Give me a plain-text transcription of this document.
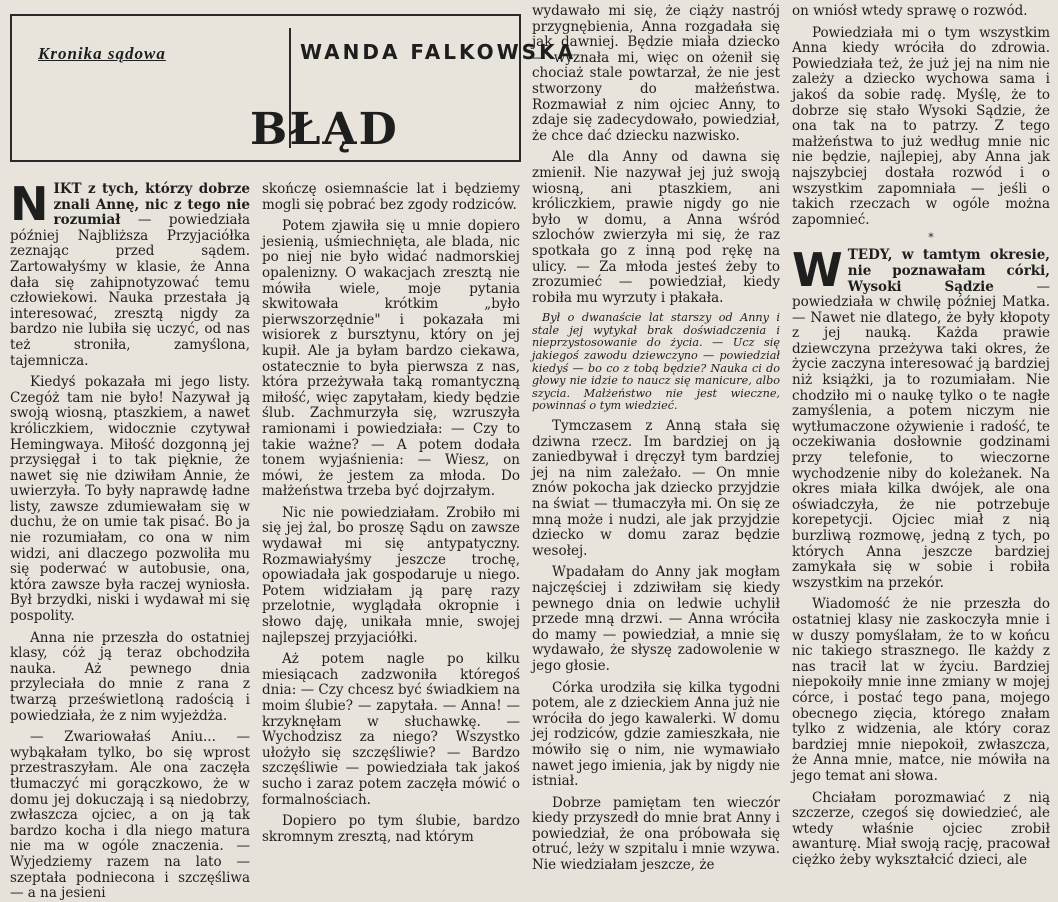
Kronika sądowa	WANDA FALKOWSKA

BŁĄD

NIKT z tych, którzy dobrze znali Annę, nic z tego nie rozumiał — powiedziała później Najbliższa Przyjaciółka zeznając przed sądem. Zartowałyśmy w klasie, że Anna dała się zahipnotyzować temu człowiekowi. Nauka przestała ją interesować, zresztą nigdy za bardzo nie lubiła się uczyć, od nas też stroniła, zamyślona, tajemnicza.

Kiedyś pokazała mi jego listy. Czegóż tam nie było! Nazywał ją swoją wiosną, ptaszkiem, a nawet króliczkiem, widocznie czytywał Hemingwaya. Miłość dozgonną jej przysięgał i to tak pięknie, że nawet się nie dziwiłam Annie, że uwierzyła. To były naprawdę ładne listy, zawsze zdumiewałam się w duchu, że on umie tak pisać. Bo ja nie rozumiałam, co ona w nim widzi, ani dlaczego pozwoliła mu się poderwać w autobusie, ona, która zawsze była raczej wyniosła. Był brzydki, niski i wydawał mi się pospolity.

Anna nie przeszła do ostatniej klasy, cóż ją teraz obchodziła nauka. Aż pewnego dnia przyleciała do mnie z rana z twarzą prześwietloną radością i powiedziała, że z nim wyjeżdża.

— Zwariowałaś Aniu... — wybąkałam tylko, bo się wprost przestraszyłam. Ale ona zaczęła tłumaczyć mi gorączkowo, że w domu jej dokuczają i są niedobrzy, zwłaszcza ojciec, a on ją tak bardzo kocha i dla niego matura nie ma w ogóle znaczenia. — Wyjedziemy razem na lato — szeptała podniecona i szczęśliwa — a na jesieni

skończę osiemnaście lat i będziemy mogli się pobrać bez zgody rodziców.

Potem zjawiła się u mnie dopiero jesienią, uśmiechnięta, ale blada, nic po niej nie było widać nadmorskiej opalenizny. O wakacjach zresztą nie mówiła wiele, moje pytania skwitowała krótkim „było pierwszorzędnie" i pokazała mi wisiorek z bursztynu, który on jej kupił. Ale ja byłam bardzo ciekawa, ostatecznie to była pierwsza z nas, która przeżywała taką romantyczną miłość, więc zapytałam, kiedy będzie ślub. Zachmurzyła się, wzruszyła ramionami i powiedziała: — Czy to takie ważne? — A potem dodała tonem wyjaśnienia: — Wiesz, on mówi, że jestem za młoda. Do małżeństwa trzeba być dojrzałym.

Nic nie powiedziałam. Zrobiło mi się jej żal, bo proszę Sądu on zawsze wydawał mi się antypatyczny. Rozmawiałyśmy jeszcze trochę, opowiadała jak gospodaruje u niego. Potem widziałam ją parę razy przelotnie, wyglądała okropnie i słowo daję, unikała mnie, swojej najlepszej przyjaciółki.

Aż potem nagle po kilku miesiącach zadzwoniła któregoś dnia: — Czy chcesz być świadkiem na moim ślubie? — zapytała. — Anna! — krzyknęłam w słuchawkę. — Wychodzisz za niego? Wszystko ułożyło się szczęśliwie? — Bardzo szczęśliwie — powiedziała tak jakoś sucho i zaraz potem zaczęła mówić o formalnościach.

Dopiero po tym ślubie, bardzo skromnym zresztą, nad którym

wydawało mi się, że ciąży nastrój przygnębienia, Anna rozgadała się jak dawniej. Będzie miała dziecko — wyznała mi, więc on ożenił się chociaż stale powtarzał, że nie jest stworzony do małżeństwa. Rozmawiał z nim ojciec Anny, to zdaje się zadecydowało, powiedział, że chce dać dziecku nazwisko.

Ale dla Anny od dawna się zmienił. Nie nazywał jej już swoją wiosną, ani ptaszkiem, ani króliczkiem, prawie nigdy go nie było w domu, a Anna wśród szlochów zwierzyła mi się, że raz spotkała go z inną pod rękę na ulicy. — Za młoda jesteś żeby to zrozumieć — powiedział, kiedy robiła mu wyrzuty i płakała.

Był o dwanaście lat starszy od Anny i stale jej wytykał brak doświadczenia i nieprzystosowanie do życia. — Ucz się jakiegoś zawodu dziewczyno — powiedział kiedyś — bo co z tobą będzie? Nauka ci do głowy nie idzie to naucz się manicure, albo szycia. Małżeństwo nie jest wieczne, powinnaś o tym wiedzieć.

Tymczasem z Anną stała się dziwna rzecz. Im bardziej on ją zaniedbywał i dręczył tym bardziej jej na nim zależało. — On mnie znów pokocha jak dziecko przyjdzie na świat — tłumaczyła mi. On się ze mną może i nudzi, ale jak przyjdzie dziecko w domu zaraz będzie wesołej.

Wpadałam do Anny jak mogłam najczęściej i zdziwiłam się kiedy pewnego dnia on ledwie uchylił przede mną drzwi. — Anna wróciła do mamy — powiedział, a mnie się wydawało, że słyszę zadowolenie w jego głosie.

Córka urodziła się kilka tygodni potem, ale z dzieckiem Anna już nie wróciła do jego kawalerki. W domu jej rodziców, gdzie zamieszkała, nie mówiło się o nim, nie wymawiało nawet jego imienia, jak by nigdy nie istniał.

Dobrze pamiętam ten wieczór kiedy przyszedł do mnie brat Anny i powiedział, że ona próbowała się otruć, leży w szpitalu i mnie wzywa. Nie wiedziałam jeszcze, że

on wniósł wtedy sprawę o rozwód.

Powiedziała mi o tym wszystkim Anna kiedy wróciła do zdrowia. Powiedziała też, że już jej na nim nie zależy a dziecko wychowa sama i jakoś da sobie radę. Myślę, że to dobrze się stało Wysoki Sądzie, że ona tak na to patrzy. Z tego małżeństwa to już według mnie nic nie będzie, najlepiej, aby Anna jak najszybciej dostała rozwód i o wszystkim zapomniała — jeśli o takich rzeczach w ogóle można zapomnieć.

*

WTEDY, w tamtym okresie, nie poznawałam córki, Wysoki Sądzie — powiedziała w chwilę później Matka. — Nawet nie dlatego, że były kłopoty z jej nauką. Każda prawie dziewczyna przeżywa taki okres, że życie zaczyna interesować ją bardziej niż książki, ja to rozumiałam. Nie chodziło mi o naukę tylko o te nagłe zamyślenia, a potem niczym nie wytłumaczone ożywienie i radość, te oczekiwania dosłownie godzinami przy telefonie, to wieczorne wychodzenie niby do koleżanek. Na okres miała kilka dwójek, ale ona oświadczyła, że nie potrzebuje korepetycji. Ojciec miał z nią burzliwą rozmowę, jedną z tych, po których Anna jeszcze bardziej zamykała się w sobie i robiła wszystkim na przekór.

Wiadomość że nie przeszła do ostatniej klasy nie zaskoczyła mnie i w duszy pomyślałam, że to w końcu nic takiego strasznego. Ile każdy z nas tracił lat w życiu. Bardziej niepokoiły mnie inne zmiany w mojej córce, i postać tego pana, mojego obecnego zięcia, którego znałam tylko z widzenia, ale który coraz bardziej mnie niepokoił, zwłaszcza, że Anna mnie, matce, nie mówiła na jego temat ani słowa.

Chciałam porozmawiać z nią szczerze, czegoś się dowiedzieć, ale wtedy właśnie ojciec zrobił awanturę. Miał swoją rację, pracował ciężko żeby wykształcić dzieci, ale
